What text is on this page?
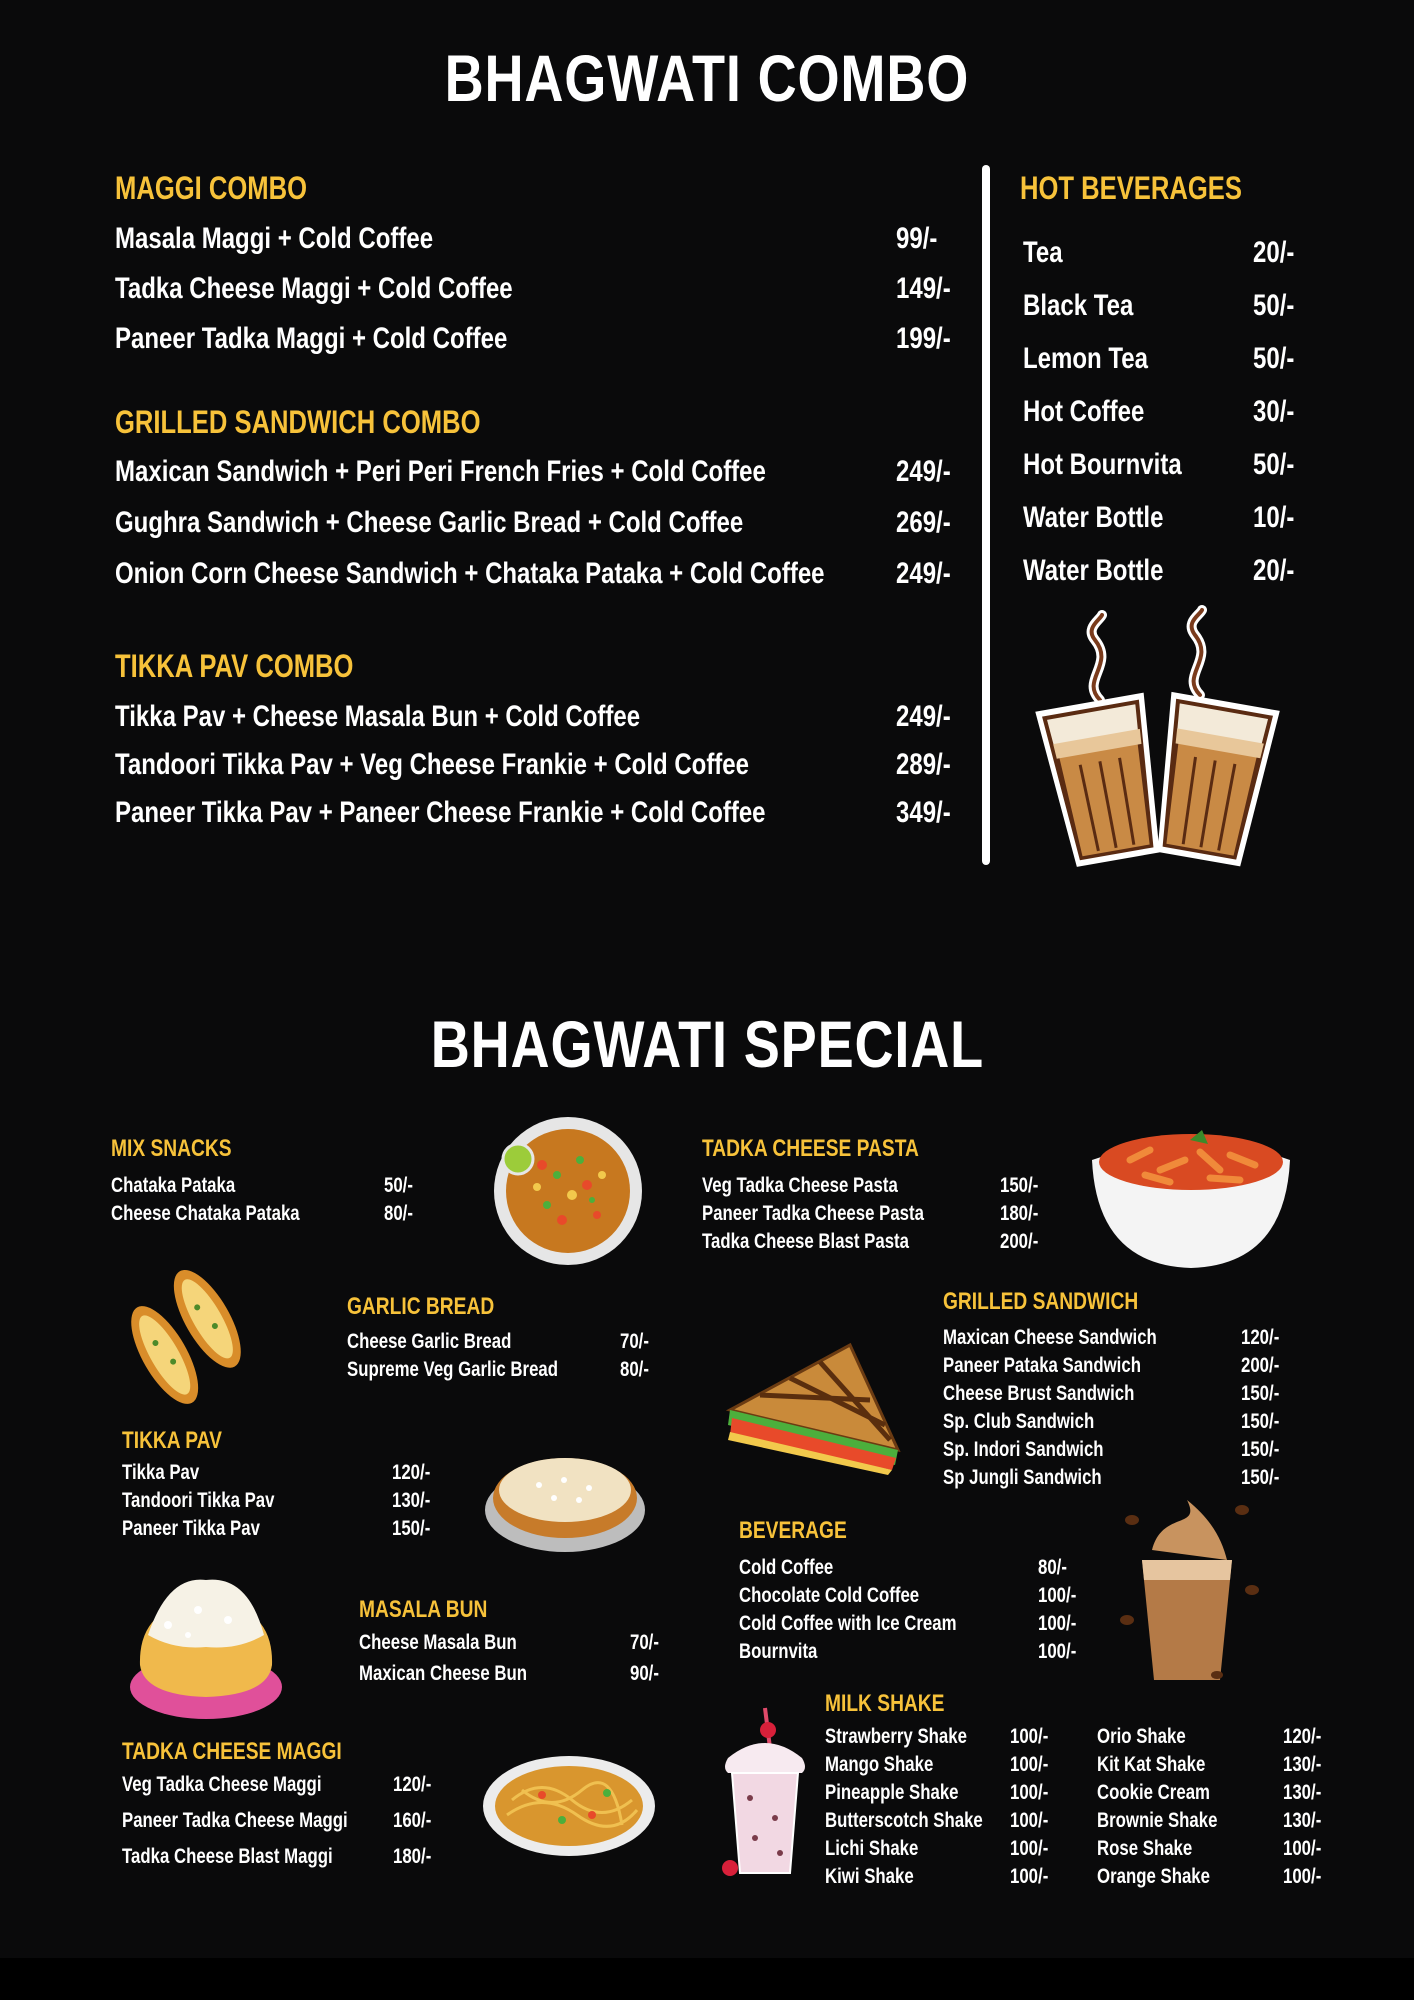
BHAGWATI COMBO
BHAGWATI SPECIAL
MAGGI COMBO
Masala Maggi + Cold Coffee	99/-
Tadka Cheese Maggi + Cold Coffee	149/-
Paneer Tadka Maggi + Cold Coffee	199/-
GRILLED SANDWICH COMBO
Maxican Sandwich + Peri Peri French Fries + Cold Coffee	249/-
Gughra Sandwich + Cheese Garlic Bread + Cold Coffee	269/-
Onion Corn Cheese Sandwich + Chataka Pataka + Cold Coffee	249/-
TIKKA PAV COMBO
Tikka Pav + Cheese Masala Bun + Cold Coffee	249/-
Tandoori Tikka Pav + Veg Cheese Frankie + Cold Coffee	289/-
Paneer Tikka Pav + Paneer Cheese Frankie + Cold Coffee	349/-
HOT BEVERAGES
Tea	20/-
Black Tea	50/-
Lemon Tea	50/-
Hot Coffee	30/-
Hot Bournvita	50/-
Water Bottle	10/-
Water Bottle	20/-
MIX SNACKS
Chataka Pataka	50/-
Cheese Chataka Pataka	80/-
TADKA CHEESE PASTA
Veg Tadka Cheese Pasta	150/-
Paneer Tadka Cheese Pasta	180/-
Tadka Cheese Blast Pasta	200/-
GARLIC BREAD
Cheese Garlic Bread	70/-
Supreme Veg Garlic Bread	80/-
GRILLED SANDWICH
Maxican Cheese Sandwich	120/-
Paneer Pataka Sandwich	200/-
Cheese Brust Sandwich	150/-
Sp. Club Sandwich	150/-
Sp. Indori Sandwich	150/-
Sp Jungli Sandwich	150/-
TIKKA PAV
Tikka Pav	120/-
Tandoori Tikka Pav	130/-
Paneer Tikka Pav	150/-	BEVERAGE
Cold Coffee	80/-
Chocolate Cold Coffee	100/-
Cold Coffee with Ice Cream	100/-
Bournvita	100/-
MASALA BUN
Cheese Masala Bun	70/-
Maxican Cheese Bun	90/-
MILK SHAKE
Strawberry Shake	100/-
Mango Shake	100/-
Pineapple Shake	100/-
Butterscotch Shake	100/-
Lichi Shake	100/-
Kiwi Shake	100/-
Orio Shake	120/-
Kit Kat Shake	130/-
Cookie Cream	130/-
Brownie Shake	130/-
Rose Shake	100/-
Orange Shake	100/-
TADKA CHEESE MAGGI
Veg Tadka Cheese Maggi	120/-
Paneer Tadka Cheese Maggi	160/-
Tadka Cheese Blast Maggi	180/-
